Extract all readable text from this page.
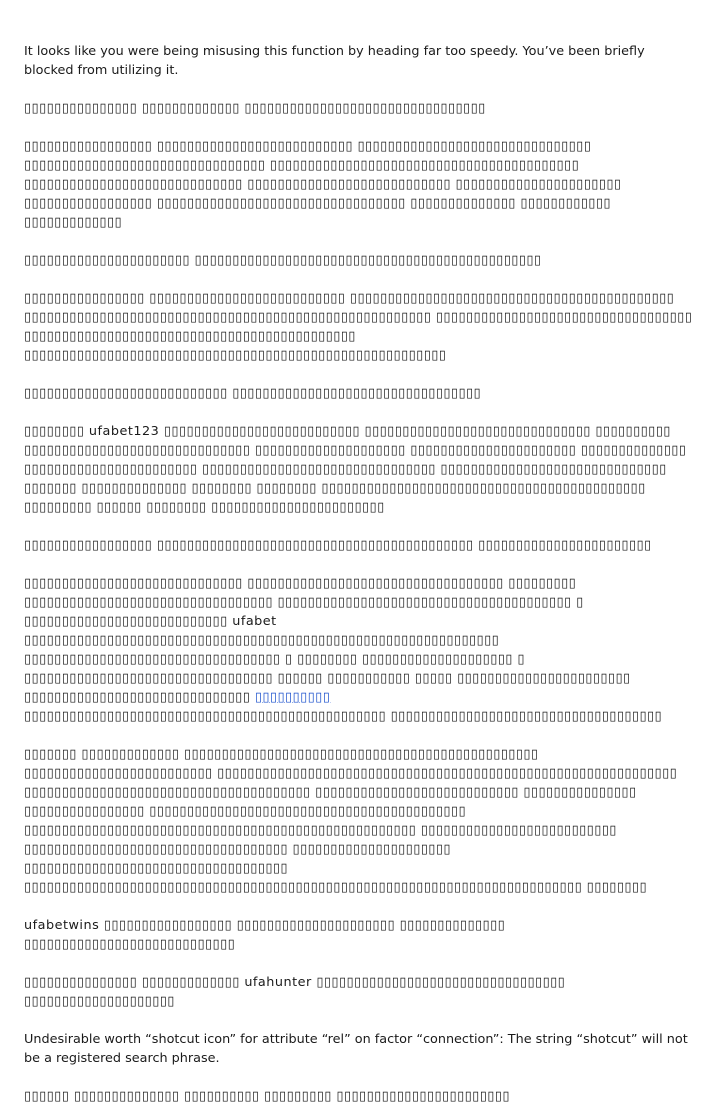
It looks like you were being misusing this function by heading far too speedy. You’ve been briefly blocked from utilizing it.

▯▯▯▯▯▯▯▯▯▯▯▯▯▯▯ ▯▯▯▯▯▯▯▯▯▯▯▯▯ ▯▯▯▯▯▯▯▯▯▯▯▯▯▯▯▯▯▯▯▯▯▯▯▯▯▯▯▯▯▯▯▯

▯▯▯▯▯▯▯▯▯▯▯▯▯▯▯▯▯ ▯▯▯▯▯▯▯▯▯▯▯▯▯▯▯▯▯▯▯▯▯▯▯▯▯▯ ▯▯▯▯▯▯▯▯▯▯▯▯▯▯▯▯▯▯▯▯▯▯▯▯▯▯▯▯▯▯▯ ▯▯▯▯▯▯▯▯▯▯▯▯▯▯▯▯▯▯▯▯▯▯▯▯▯▯▯▯▯▯▯▯ ▯▯▯▯▯▯▯▯▯▯▯▯▯▯▯▯▯▯▯▯▯▯▯▯▯▯▯▯▯▯▯▯▯▯▯▯▯▯▯▯▯ ▯▯▯▯▯▯▯▯▯▯▯▯▯▯▯▯▯▯▯▯▯▯▯▯▯▯▯▯▯ ▯▯▯▯▯▯▯▯▯▯▯▯▯▯▯▯▯▯▯▯▯▯▯▯▯▯▯ ▯▯▯▯▯▯▯▯▯▯▯▯▯▯▯▯▯▯▯▯▯▯ ▯▯▯▯▯▯▯▯▯▯▯▯▯▯▯▯▯ ▯▯▯▯▯▯▯▯▯▯▯▯▯▯▯▯▯▯▯▯▯▯▯▯▯▯▯▯▯▯▯▯▯ ▯▯▯▯▯▯▯▯▯▯▯▯▯▯ ▯▯▯▯▯▯▯▯▯▯▯▯ ▯▯▯▯▯▯▯▯▯▯▯▯▯

▯▯▯▯▯▯▯▯▯▯▯▯▯▯▯▯▯▯▯▯▯▯ ▯▯▯▯▯▯▯▯▯▯▯▯▯▯▯▯▯▯▯▯▯▯▯▯▯▯▯▯▯▯▯▯▯▯▯▯▯▯▯▯▯▯▯▯▯▯

▯▯▯▯▯▯▯▯▯▯▯▯▯▯▯▯ ▯▯▯▯▯▯▯▯▯▯▯▯▯▯▯▯▯▯▯▯▯▯▯▯▯▯ ▯▯▯▯▯▯▯▯▯▯▯▯▯▯▯▯▯▯▯▯▯▯▯▯▯▯▯▯▯▯▯▯▯▯▯▯▯▯▯▯▯▯▯ ▯▯▯▯▯▯▯▯▯▯▯▯▯▯▯▯▯▯▯▯▯▯▯▯▯▯▯▯▯▯▯▯▯▯▯▯▯▯▯▯▯▯▯▯▯▯▯▯▯▯▯▯▯▯ ▯▯▯▯▯▯▯▯▯▯▯▯▯▯▯▯▯▯▯▯▯▯▯▯▯▯▯▯▯▯▯▯▯▯ ▯▯▯▯▯▯▯▯▯▯▯▯▯▯▯▯▯▯▯▯▯▯▯▯▯▯▯▯▯▯▯▯▯▯▯▯▯▯▯▯▯▯▯▯ ▯▯▯▯▯▯▯▯▯▯▯▯▯▯▯▯▯▯▯▯▯▯▯▯▯▯▯▯▯▯▯▯▯▯▯▯▯▯▯▯▯▯▯▯▯▯▯▯▯▯▯▯▯▯▯▯

▯▯▯▯▯▯▯▯▯▯▯▯▯▯▯▯▯▯▯▯▯▯▯▯▯▯▯ ▯▯▯▯▯▯▯▯▯▯▯▯▯▯▯▯▯▯▯▯▯▯▯▯▯▯▯▯▯▯▯▯▯

▯▯▯▯▯▯▯▯ ufabet123 ▯▯▯▯▯▯▯▯▯▯▯▯▯▯▯▯▯▯▯▯▯▯▯▯▯▯ ▯▯▯▯▯▯▯▯▯▯▯▯▯▯▯▯▯▯▯▯▯▯▯▯▯▯▯▯▯▯ ▯▯▯▯▯▯▯▯▯▯ ▯▯▯▯▯▯▯▯▯▯▯▯▯▯▯▯▯▯▯▯▯▯▯▯▯▯▯▯▯▯ ▯▯▯▯▯▯▯▯▯▯▯▯▯▯▯▯▯▯▯▯ ▯▯▯▯▯▯▯▯▯▯▯▯▯▯▯▯▯▯▯▯▯▯ ▯▯▯▯▯▯▯▯▯▯▯▯▯▯ ▯▯▯▯▯▯▯▯▯▯▯▯▯▯▯▯▯▯▯▯▯▯▯ ▯▯▯▯▯▯▯▯▯▯▯▯▯▯▯▯▯▯▯▯▯▯▯▯▯▯▯▯▯▯▯ ▯▯▯▯▯▯▯▯▯▯▯▯▯▯▯▯▯▯▯▯▯▯▯▯▯▯▯▯▯▯ ▯▯▯▯▯▯▯ ▯▯▯▯▯▯▯▯▯▯▯▯▯▯ ▯▯▯▯▯▯▯▯ ▯▯▯▯▯▯▯▯ ▯▯▯▯▯▯▯▯▯▯▯▯▯▯▯▯▯▯▯▯▯▯▯▯▯▯▯▯▯▯▯▯▯▯▯▯▯▯▯▯▯▯▯ ▯▯▯▯▯▯▯▯▯ ▯▯▯▯▯▯ ▯▯▯▯▯▯▯▯ ▯▯▯▯▯▯▯▯▯▯▯▯▯▯▯▯▯▯▯▯▯▯▯

▯▯▯▯▯▯▯▯▯▯▯▯▯▯▯▯▯ ▯▯▯▯▯▯▯▯▯▯▯▯▯▯▯▯▯▯▯▯▯▯▯▯▯▯▯▯▯▯▯▯▯▯▯▯▯▯▯▯▯▯ ▯▯▯▯▯▯▯▯▯▯▯▯▯▯▯▯▯▯▯▯▯▯▯

▯▯▯▯▯▯▯▯▯▯▯▯▯▯▯▯▯▯▯▯▯▯▯▯▯▯▯▯▯ ▯▯▯▯▯▯▯▯▯▯▯▯▯▯▯▯▯▯▯▯▯▯▯▯▯▯▯▯▯▯▯▯▯▯ ▯▯▯▯▯▯▯▯▯ ▯▯▯▯▯▯▯▯▯▯▯▯▯▯▯▯▯▯▯▯▯▯▯▯▯▯▯▯▯▯▯▯▯ ▯▯▯▯▯▯▯▯▯▯▯▯▯▯▯▯▯▯▯▯▯▯▯▯▯▯▯▯▯▯▯▯▯▯▯▯▯▯▯ ▯ ▯▯▯▯▯▯▯▯▯▯▯▯▯▯▯▯▯▯▯▯▯▯▯▯▯▯▯ ufabet ▯▯▯▯▯▯▯▯▯▯▯▯▯▯▯▯▯▯▯▯▯▯▯▯▯▯▯▯▯▯▯▯▯▯▯▯▯▯▯▯▯▯▯▯▯▯▯▯▯▯▯▯▯▯▯▯▯▯▯▯▯▯▯ ▯▯▯▯▯▯▯▯▯▯▯▯▯▯▯▯▯▯▯▯▯▯▯▯▯▯▯▯▯▯▯▯▯▯ ▯ ▯▯▯▯▯▯▯▯ ▯▯▯▯▯▯▯▯▯▯▯▯▯▯▯▯▯▯▯▯ ▯ ▯▯▯▯▯▯▯▯▯▯▯▯▯▯▯▯▯▯▯▯▯▯▯▯▯▯▯▯▯▯▯▯▯ ▯▯▯▯▯▯ ▯▯▯▯▯▯▯▯▯▯▯ ▯▯▯▯▯ ▯▯▯▯▯▯▯▯▯▯▯▯▯▯▯▯▯▯▯▯▯▯▯ ▯▯▯▯▯▯▯▯▯▯▯▯▯▯▯▯▯▯▯▯▯▯▯▯▯▯▯▯▯▯ ▯▯▯▯▯▯▯▯▯▯ ▯▯▯▯▯▯▯▯▯▯▯▯▯▯▯▯▯▯▯▯▯▯▯▯▯▯▯▯▯▯▯▯▯▯▯▯▯▯▯▯▯▯▯▯▯▯▯▯ ▯▯▯▯▯▯▯▯▯▯▯▯▯▯▯▯▯▯▯▯▯▯▯▯▯▯▯▯▯▯▯▯▯▯▯▯

▯▯▯▯▯▯▯ ▯▯▯▯▯▯▯▯▯▯▯▯▯ ▯▯▯▯▯▯▯▯▯▯▯▯▯▯▯▯▯▯▯▯▯▯▯▯▯▯▯▯▯▯▯▯▯▯▯▯▯▯▯▯▯▯▯▯▯▯▯ ▯▯▯▯▯▯▯▯▯▯▯▯▯▯▯▯▯▯▯▯▯▯▯▯▯ ▯▯▯▯▯▯▯▯▯▯▯▯▯▯▯▯▯▯▯▯▯▯▯▯▯▯▯▯▯▯▯▯▯▯▯▯▯▯▯▯▯▯▯▯▯▯▯▯▯▯▯▯▯▯▯▯▯▯▯▯▯ ▯▯▯▯▯▯▯▯▯▯▯▯▯▯▯▯▯▯▯▯▯▯▯▯▯▯▯▯▯▯▯▯▯▯▯▯▯▯ ▯▯▯▯▯▯▯▯▯▯▯▯▯▯▯▯▯▯▯▯▯▯▯▯▯▯▯ ▯▯▯▯▯▯▯▯▯▯▯▯▯▯▯ ▯▯▯▯▯▯▯▯▯▯▯▯▯▯▯▯ ▯▯▯▯▯▯▯▯▯▯▯▯▯▯▯▯▯▯▯▯▯▯▯▯▯▯▯▯▯▯▯▯▯▯▯▯▯▯▯▯▯▯ ▯▯▯▯▯▯▯▯▯▯▯▯▯▯▯▯▯▯▯▯▯▯▯▯▯▯▯▯▯▯▯▯▯▯▯▯▯▯▯▯▯▯▯▯▯▯▯▯▯▯▯▯ ▯▯▯▯▯▯▯▯▯▯▯▯▯▯▯▯▯▯▯▯▯▯▯▯▯▯ ▯▯▯▯▯▯▯▯▯▯▯▯▯▯▯▯▯▯▯▯▯▯▯▯▯▯▯▯▯▯▯▯▯▯▯ ▯▯▯▯▯▯▯▯▯▯▯▯▯▯▯▯▯▯▯▯▯ ▯▯▯▯▯▯▯▯▯▯▯▯▯▯▯▯▯▯▯▯▯▯▯▯▯▯▯▯▯▯▯▯▯▯▯ ▯▯▯▯▯▯▯▯▯▯▯▯▯▯▯▯▯▯▯▯▯▯▯▯▯▯▯▯▯▯▯▯▯▯▯▯▯▯▯▯▯▯▯▯▯▯▯▯▯▯▯▯▯▯▯▯▯▯▯▯▯▯▯▯▯▯▯▯▯▯▯▯▯▯ ▯▯▯▯▯▯▯▯

ufabetwins ▯▯▯▯▯▯▯▯▯▯▯▯▯▯▯▯▯ ▯▯▯▯▯▯▯▯▯▯▯▯▯▯▯▯▯▯▯▯▯ ▯▯▯▯▯▯▯▯▯▯▯▯▯▯ ▯▯▯▯▯▯▯▯▯▯▯▯▯▯▯▯▯▯▯▯▯▯▯▯▯▯▯▯

▯▯▯▯▯▯▯▯▯▯▯▯▯▯▯ ▯▯▯▯▯▯▯▯▯▯▯▯▯ ufahunter ▯▯▯▯▯▯▯▯▯▯▯▯▯▯▯▯▯▯▯▯▯▯▯▯▯▯▯▯▯▯▯▯▯ ▯▯▯▯▯▯▯▯▯▯▯▯▯▯▯▯▯▯▯▯

Undesirable worth “shotcut icon” for attribute “rel” on factor “connection”: The string “shotcut” will not be a registered search phrase.

▯▯▯▯▯▯ ▯▯▯▯▯▯▯▯▯▯▯▯▯▯ ▯▯▯▯▯▯▯▯▯▯ ▯▯▯▯▯▯▯▯▯ ▯▯▯▯▯▯▯▯▯▯▯▯▯▯▯▯▯▯▯▯▯▯▯
